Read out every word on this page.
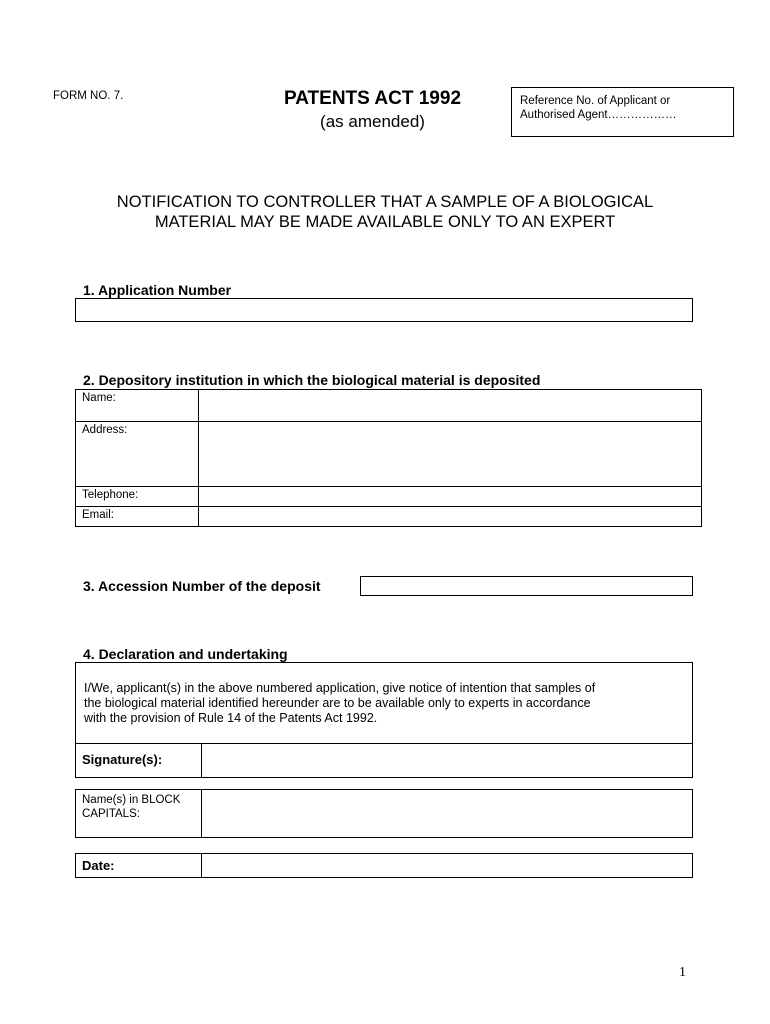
FORM NO. 7.	PATENTS ACT 1992
(as amended)
Reference No. of Applicant or
Authorised Agent………………
NOTIFICATION TO CONTROLLER THAT A SAMPLE OF A BIOLOGICAL
MATERIAL MAY BE MADE AVAILABLE ONLY TO AN EXPERT
1. Application Number
2. Depository institution in which the biological material is deposited
Name:	
Address:	
Telephone:	
Email:	
3. Accession Number of the deposit
4. Declaration and undertaking
I/We, applicant(s) in the above numbered application, give notice of intention that samples of
the biological material identified hereunder are to be available only to experts in accordance
with the provision of Rule 14 of the Patents Act 1992.
Signature(s):
Name(s) in BLOCK
CAPITALS:
Date:
1
